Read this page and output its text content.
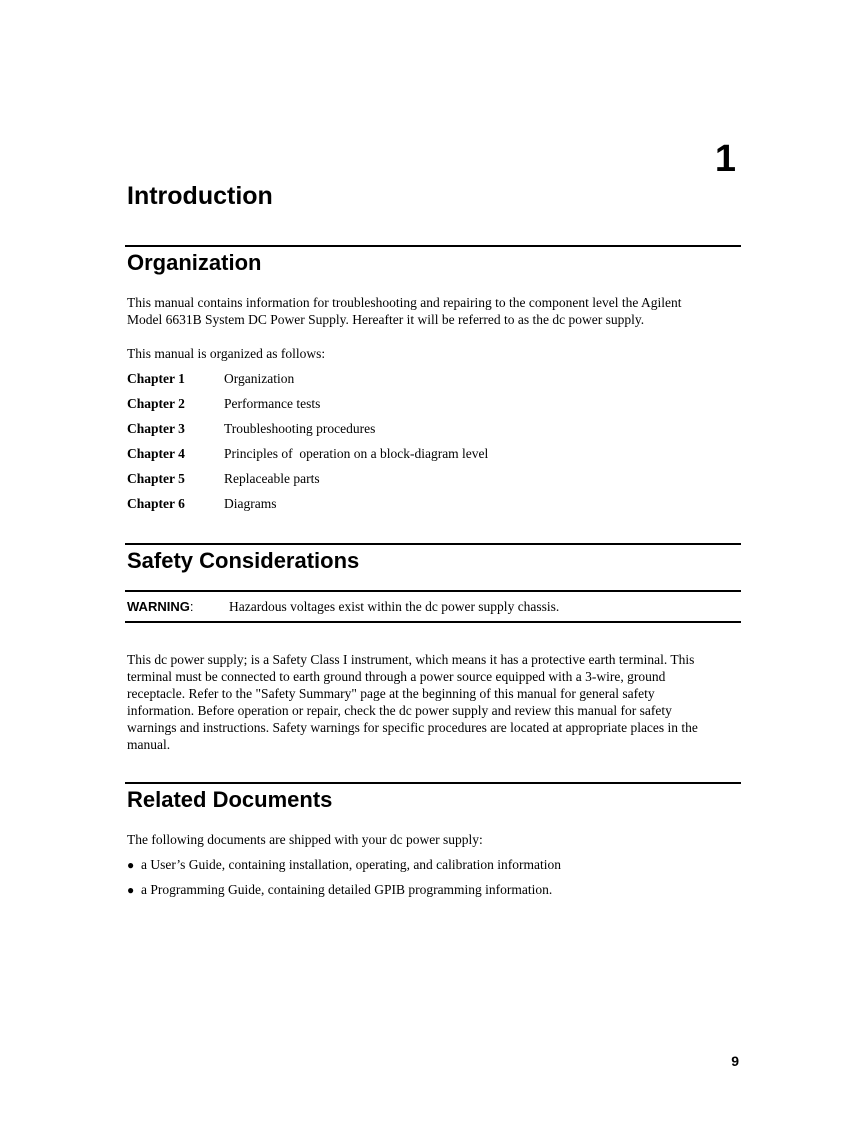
1
Introduction
Organization

This manual contains information for troubleshooting and repairing to the component level the Agilent

Model 6631B System DC Power Supply. Hereafter it will be referred to as the dc power supply.

This manual is organized as follows:

Chapter 1	Organization
Chapter 2	Performance tests
Chapter 3	Troubleshooting procedures
Chapter 4	Principles of  operation on a block-diagram level
Chapter 5	Replaceable parts
Chapter 6	Diagrams
Safety Considerations
WARNING:	Hazardous voltages exist within the dc power supply chassis.

This dc power supply; is a Safety Class I instrument, which means it has a protective earth terminal. This

terminal must be connected to earth ground through a power source equipped with a 3-wire, ground

receptacle. Refer to the "Safety Summary" page at the beginning of this manual for general safety

information. Before operation or repair, check the dc power supply and review this manual for safety

warnings and instructions. Safety warnings for specific procedures are located at appropriate places in the

manual.

Related Documents

The following documents are shipped with your dc power supply:

● a User’s Guide, containing installation, operating, and calibration information
● a Programming Guide, containing detailed GPIB programming information.
9
